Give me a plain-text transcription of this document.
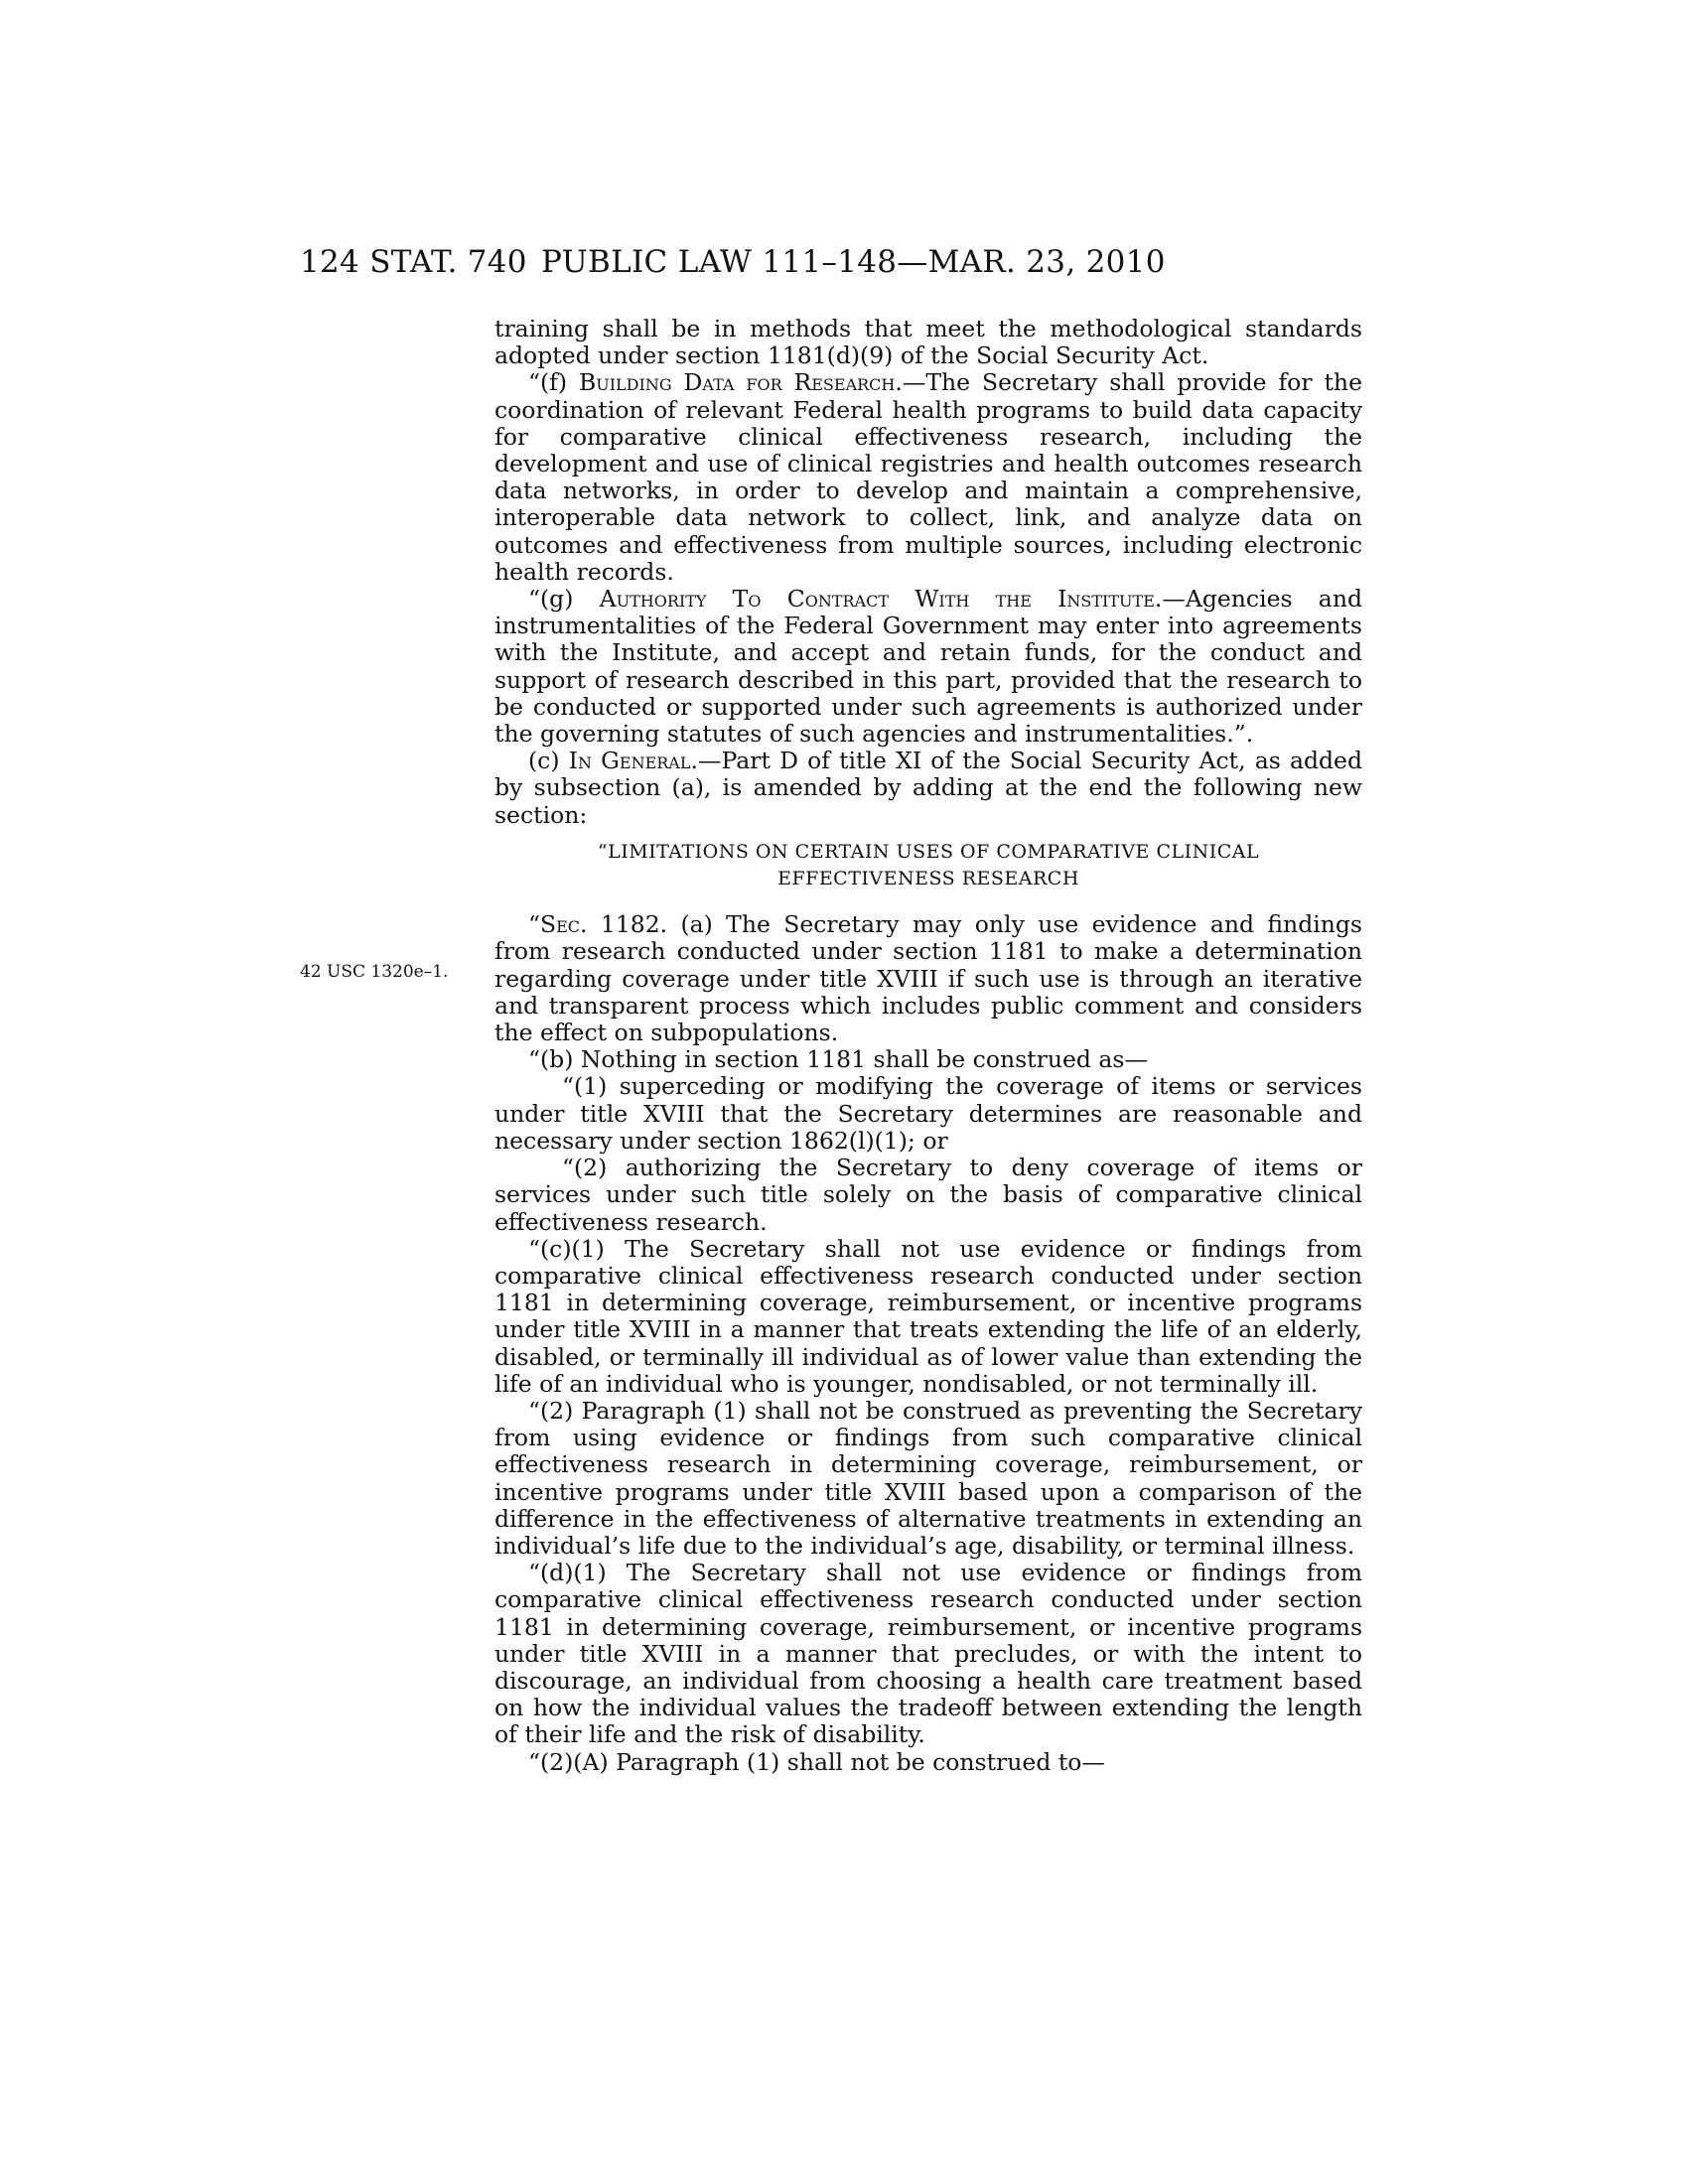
124 STAT. 740 PUBLIC LAW 111–148—MAR. 23, 2010
42 USC 1320e–1.

training shall be in methods that meet the methodological standards adopted under section 1181(d)(9) of the Social Security Act.

“(f) Building Data for Research.—The Secretary shall provide for the coordination of relevant Federal health programs to build data capacity for comparative clinical effectiveness research, including the development and use of clinical registries and health outcomes research data networks, in order to develop and maintain a comprehensive, interoperable data network to collect, link, and analyze data on outcomes and effectiveness from multiple sources, including electronic health records.

“(g) Authority To Contract With the Institute.—Agencies and instrumentalities of the Federal Government may enter into agreements with the Institute, and accept and retain funds, for the conduct and support of research described in this part, provided that the research to be conducted or supported under such agreements is authorized under the governing statutes of such agencies and instrumentalities.”.

(c) In General.—Part D of title XI of the Social Security Act, as added by subsection (a), is amended by adding at the end the following new section:

“LIMITATIONS ON CERTAIN USES OF COMPARATIVE CLINICAL
EFFECTIVENESS RESEARCH

“Sec. 1182. (a) The Secretary may only use evidence and findings from research conducted under section 1181 to make a determination regarding coverage under title XVIII if such use is through an iterative and transparent process which includes public comment and considers the effect on subpopulations.

“(b) Nothing in section 1181 shall be construed as—

“(1) superceding or modifying the coverage of items or services under title XVIII that the Secretary determines are reasonable and necessary under section 1862(l)(1); or

“(2) authorizing the Secretary to deny coverage of items or services under such title solely on the basis of comparative clinical effectiveness research.

“(c)(1) The Secretary shall not use evidence or findings from comparative clinical effectiveness research conducted under section 1181 in determining coverage, reimbursement, or incentive programs under title XVIII in a manner that treats extending the life of an elderly, disabled, or terminally ill individual as of lower value than extending the life of an individual who is younger, nondisabled, or not terminally ill.

“(2) Paragraph (1) shall not be construed as preventing the Secretary from using evidence or findings from such comparative clinical effectiveness research in determining coverage, reimbursement, or incentive programs under title XVIII based upon a comparison of the difference in the effectiveness of alternative treatments in extending an individual’s life due to the individual’s age, disability, or terminal illness.

“(d)(1) The Secretary shall not use evidence or findings from comparative clinical effectiveness research conducted under section 1181 in determining coverage, reimbursement, or incentive programs under title XVIII in a manner that precludes, or with the intent to discourage, an individual from choosing a health care treatment based on how the individual values the tradeoff between extending the length of their life and the risk of disability.

“(2)(A) Paragraph (1) shall not be construed to—
